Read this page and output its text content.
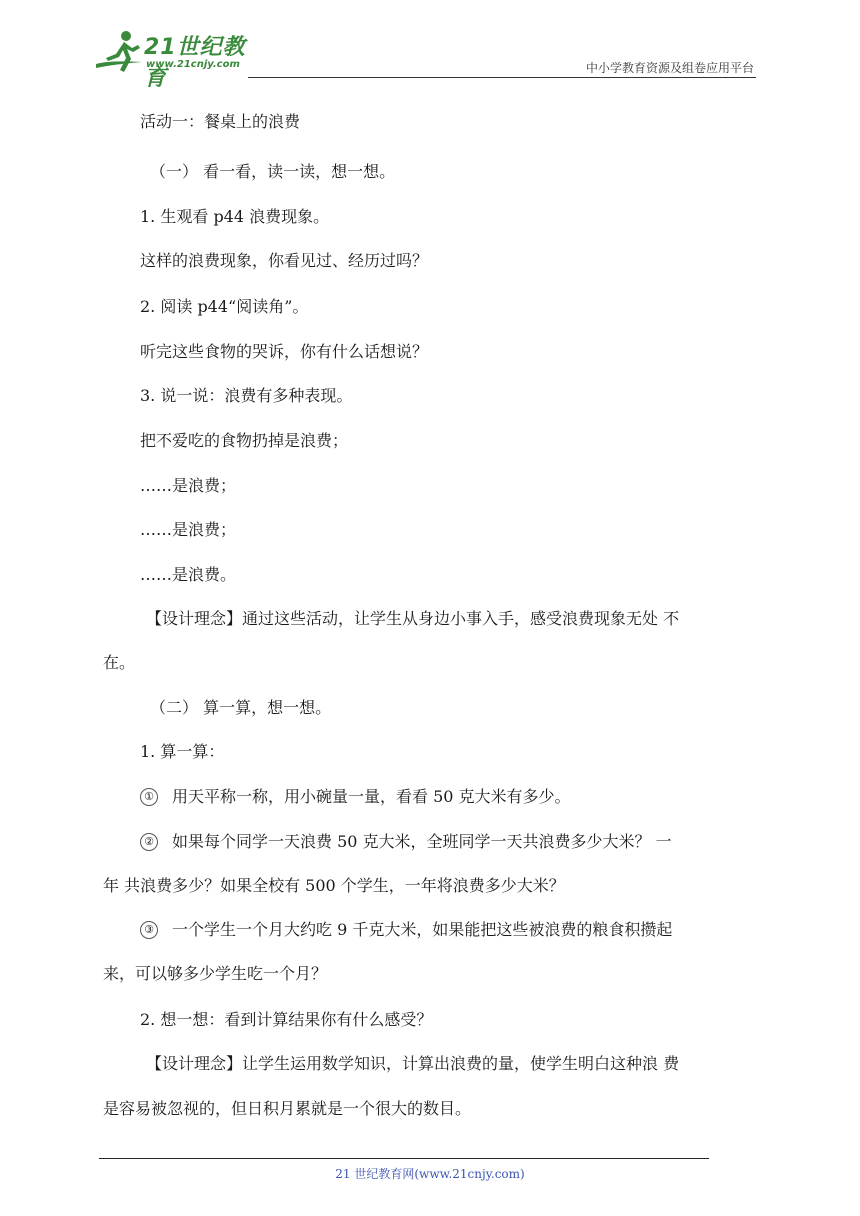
21世纪教育
www.21cnjy.com	中小学教育资源及组卷应用平台
活动一：餐桌上的浪费
（一） 看一看，读一读，想一想。
1. 生观看 p44 浪费现象。
这样的浪费现象，你看见过、经历过吗？
2. 阅读 p44“阅读角”。
听完这些食物的哭诉，你有什么话想说？
3. 说一说：浪费有多种表现。
把不爱吃的食物扔掉是浪费；
……是浪费；
……是浪费；
……是浪费。
【设计理念】通过这些活动，让学生从身边小事入手，感受浪费现象无处 不
在。
（二） 算一算，想一想。
1. 算一算：
① 用天平称一称，用小碗量一量，看看 50 克大米有多少。
② 如果每个同学一天浪费 50 克大米，全班同学一天共浪费多少大米？ 一
年 共浪费多少？如果全校有 500 个学生，一年将浪费多少大米？
③ 一个学生一个月大约吃 9 千克大米，如果能把这些被浪费的粮食积攒起
来，可以够多少学生吃一个月？
2. 想一想：看到计算结果你有什么感受？
【设计理念】让学生运用数学知识，计算出浪费的量，使学生明白这种浪 费
是容易被忽视的，但日积月累就是一个很大的数目。
21 世纪教育网(www.21cnjy.com)
